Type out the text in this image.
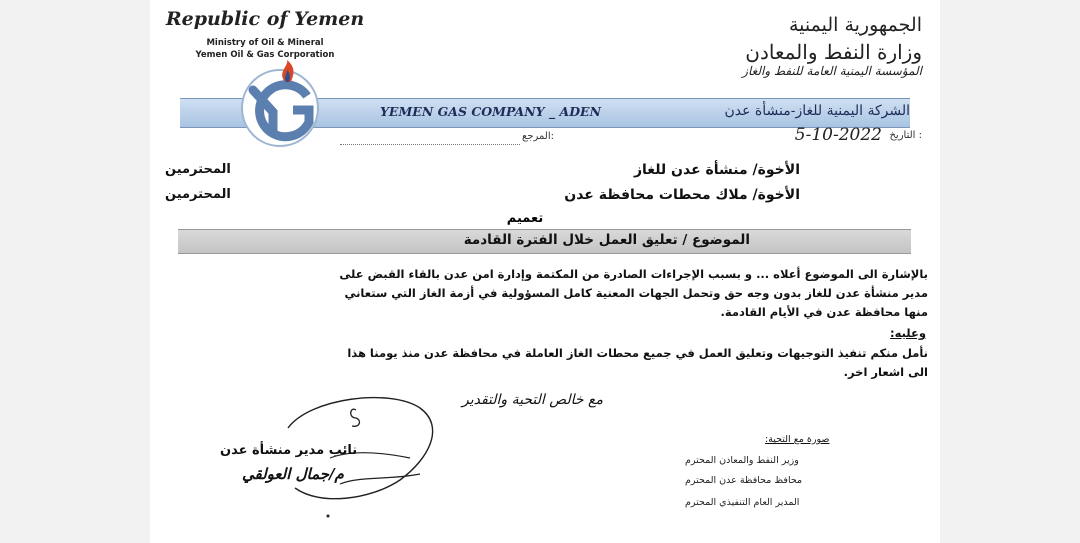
Republic of Yemen
Ministry of Oil & Mineral
Yemen Oil & Gas Corporation
الجمهورية اليمنية
وزارة النفط والمعادن
المؤسسة اليمنية العامة للنفط والغاز
YEMEN GAS COMPANY _ ADEN	الشركة اليمنية للغاز-منشأة عدن
التاريخ :
5-10-2022
المرجع:
الأخوة/ منشأة عدن للغاز
المحترمين
الأخوة/ ملاك محطات محافظة عدن
المحترمين
تعميم
الموضوع / تعليق العمل خلال الفترة القادمة
بالإشارة الى الموضوع أعلاه ... و بسبب الإجراءات الصادرة من المكتمة وإدارة امن عدن بالقاء القبض على
مدير منشأة عدن للغاز بدون وجه حق وتحمل الجهات المعنية كامل المسؤولية في أزمة الغاز التي ستعاني
منها محافظة عدن في الأيام القادمة.
وعليه:
نأمل منكم تنفيذ التوجيهات وتعليق العمل في جميع محطات الغاز العاملة في محافظة عدن منذ يومنا هذا
الى اشعار اخر.
مع خالص التحية والتقدير
نائب مدير منشأة عدن
م/جمال العولقي
صورة مع التحية:
وزير النفط والمعادن المحترم
محافظ محافظة عدن المحترم
المدير العام التنفيذي المحترم
